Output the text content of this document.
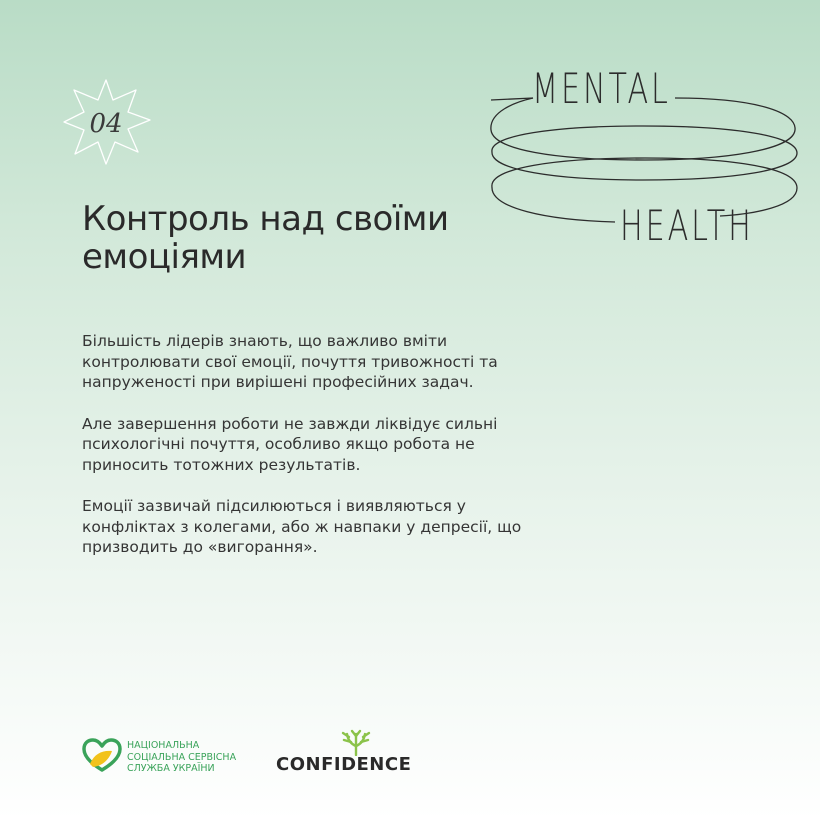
04
MENTAL
HEALTH
Контроль над своїми
емоціями

Більшість лідерів знають, що важливо вміти
контролювати свої емоції, почуття тривожності та
напруженості при вирішені професійних задач.

Але завершення роботи не завжди ліквідує сильні
психологічні почуття, особливо якщо робота не
приносить тотожних результатів.

Емоції зазвичай підсилюються і виявляються у
конфліктах з колегами, або ж навпаки у депресії, що
призводить до «вигорання».

НАЦІОНАЛЬНА
СОЦІАЛЬНА СЕРВІСНА
СЛУЖБА УКРАЇНИ	CONFIDENCE
